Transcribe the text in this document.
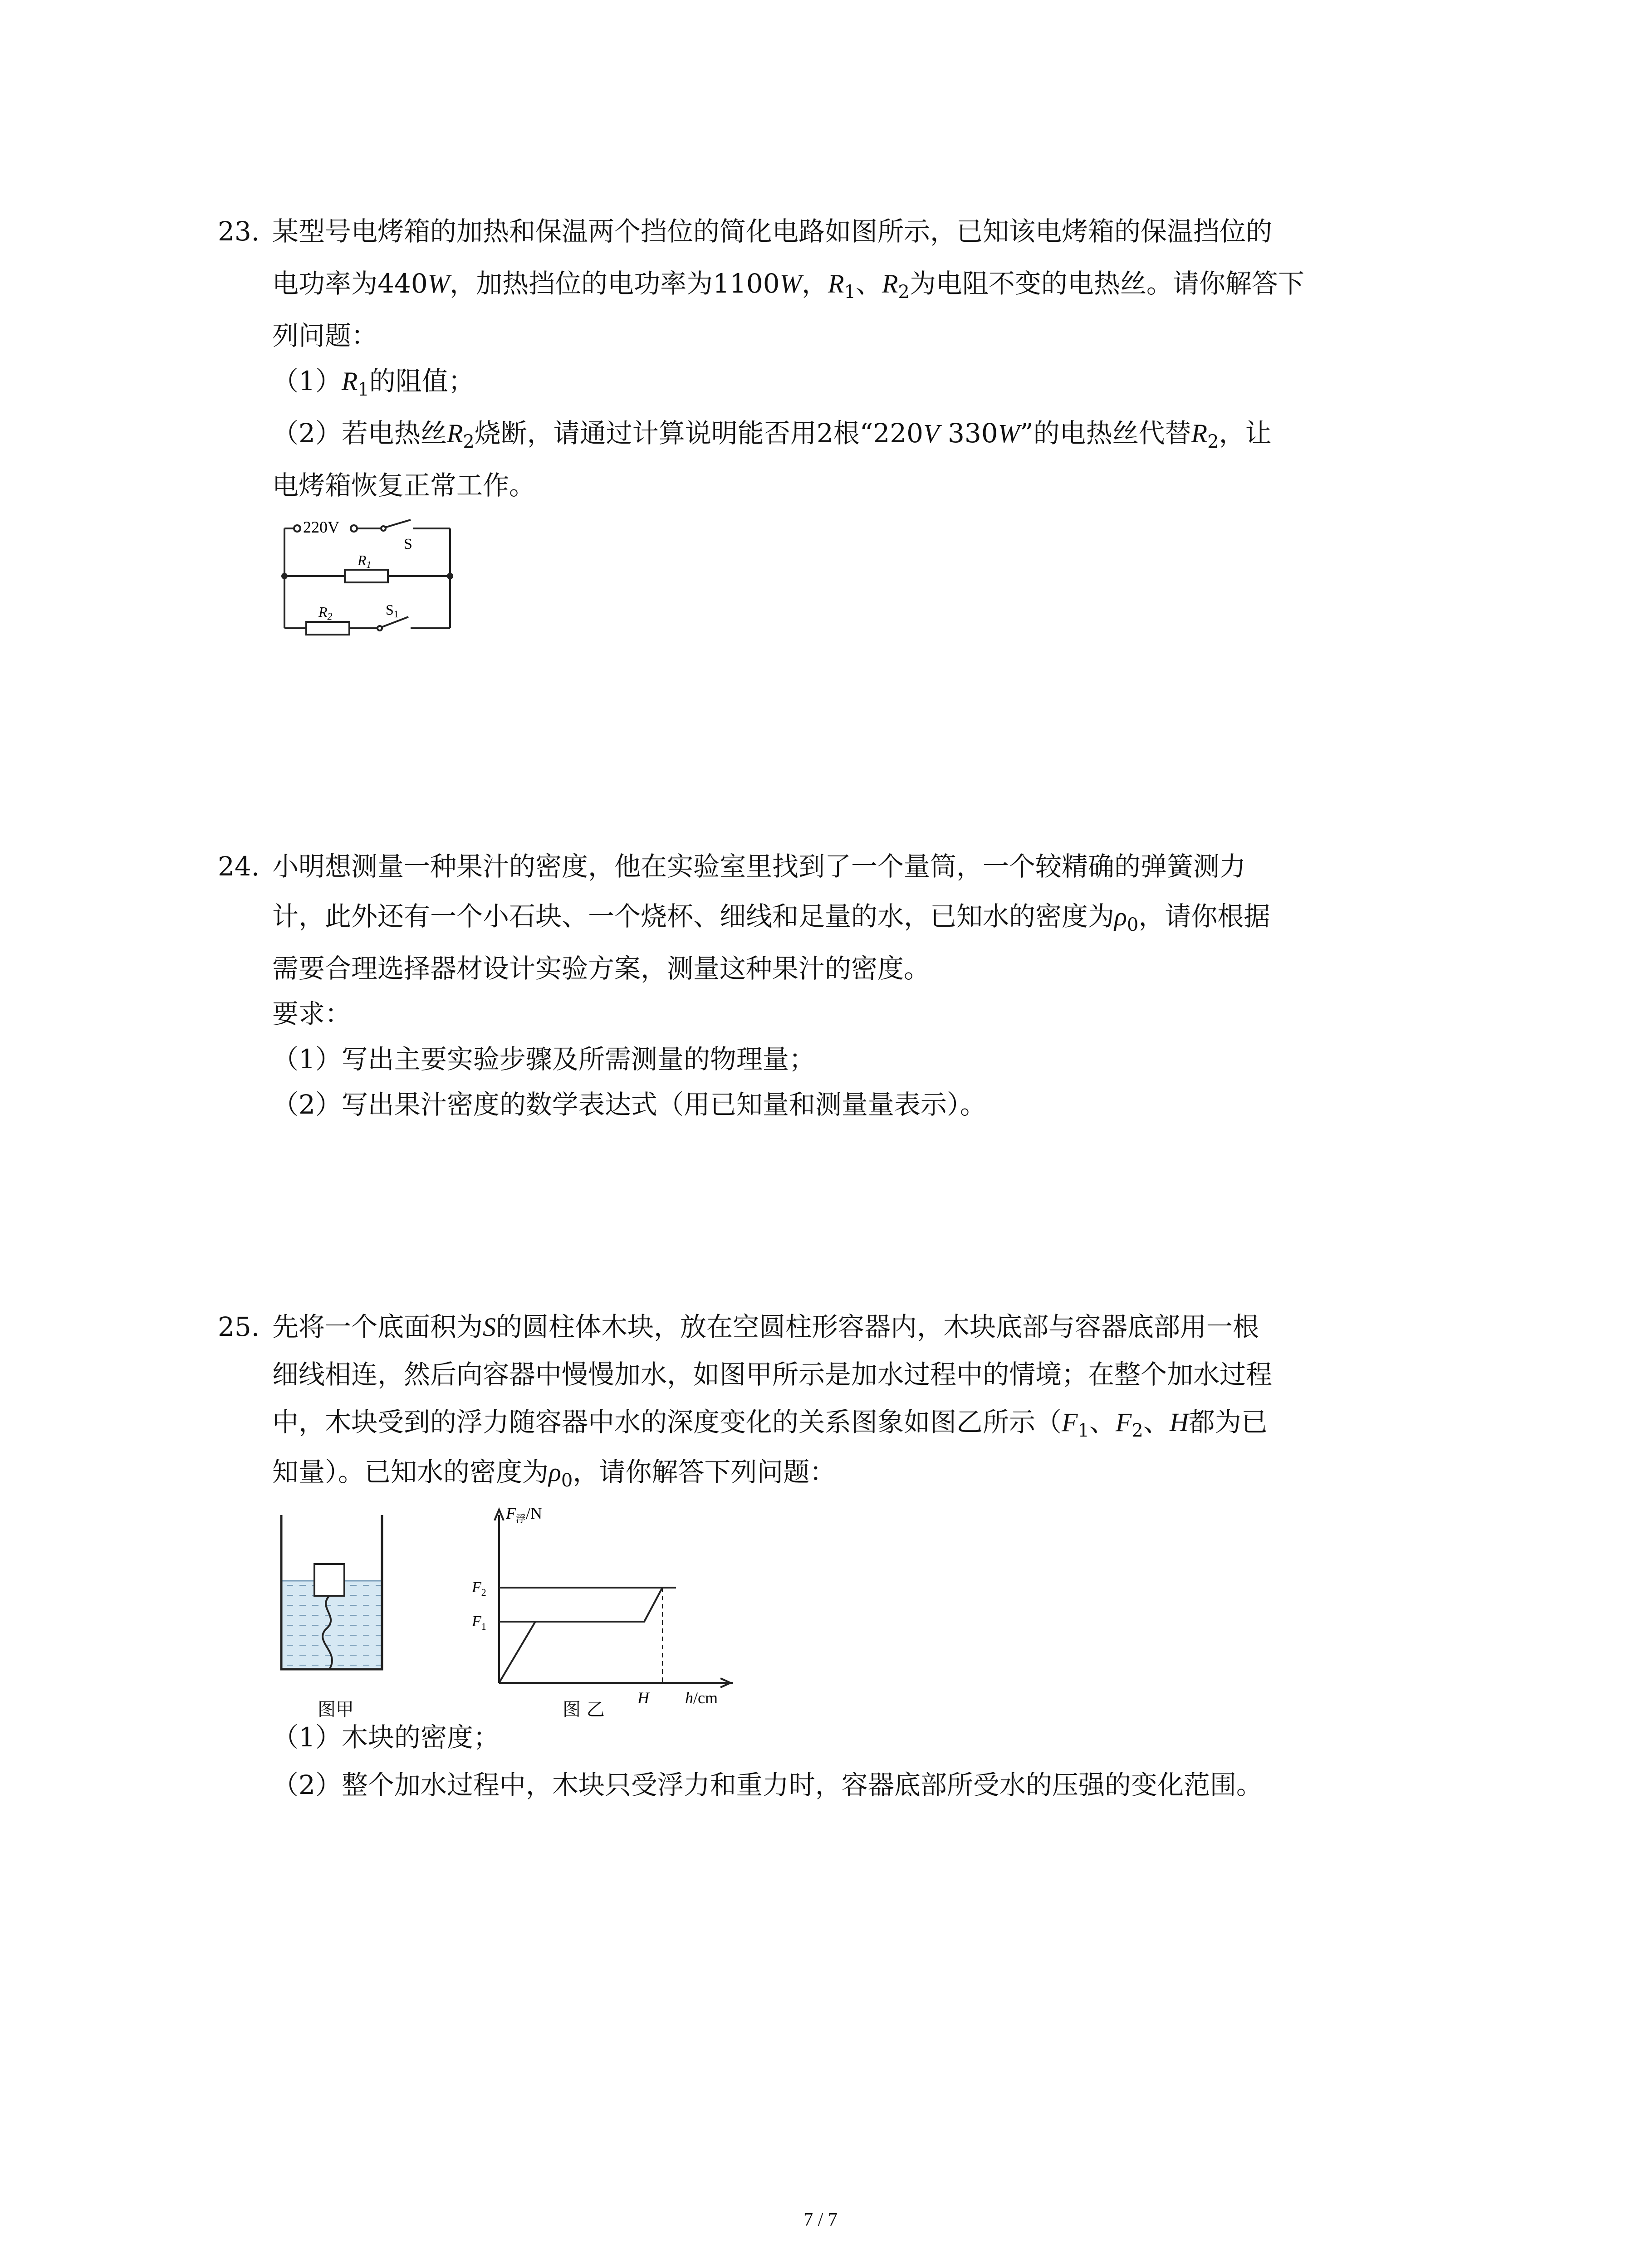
23. 某型号电烤箱的加热和保温两个挡位的简化电路如图所示，已知该电烤箱的保温挡位的
电功率为440W，加热挡位的电功率为1100W，$R_1$、$R_2$为电阻不变的电热丝。请你解答下
列问题：
$(1)R_1$的阻值；
（2）若电热丝$R_2$烧断，请通过计算说明能否用2根“220V 330W”的电热丝代替$R_2$，让
电烤箱恢复正常工作。
220V
S
R1
R2	S1
24. 小明想测量一种果汁的密度，他在实验室里找到了一个量筒，一个较精确的弹簧测力
计，此外还有一个小石块、一个烧杯、细线和足量的水，已知水的密度为$\rho_0$，请你根据
需要合理选择器材设计实验方案，测量这种果汁的密度。
要求：
（1）写出主要实验步骤及所需测量的物理量；
（2）写出果汁密度的数学表达式（用已知量和测量量表示）。
25. 先将一个底面积为S的圆柱体木块，放在空圆柱形容器内，木块底部与容器底部用一根
细线相连，然后向容器中慢慢加水，如图甲所示是加水过程中的情境；在整个加水过程
中，木块受到的浮力随容器中水的深度变化的关系图象如图乙所示（$F_1$、$F_2$、H都为已
知量）。已知水的密度为$\rho_0$，请你解答下列问题：
图甲
$F_浮/N$
$F_2$
$F_1$
H h/cm
图 乙
（1）木块的密度；
（2）整个加水过程中，木块只受浮力和重力时，容器底部所受水的压强的变化范围。
7 / 7
